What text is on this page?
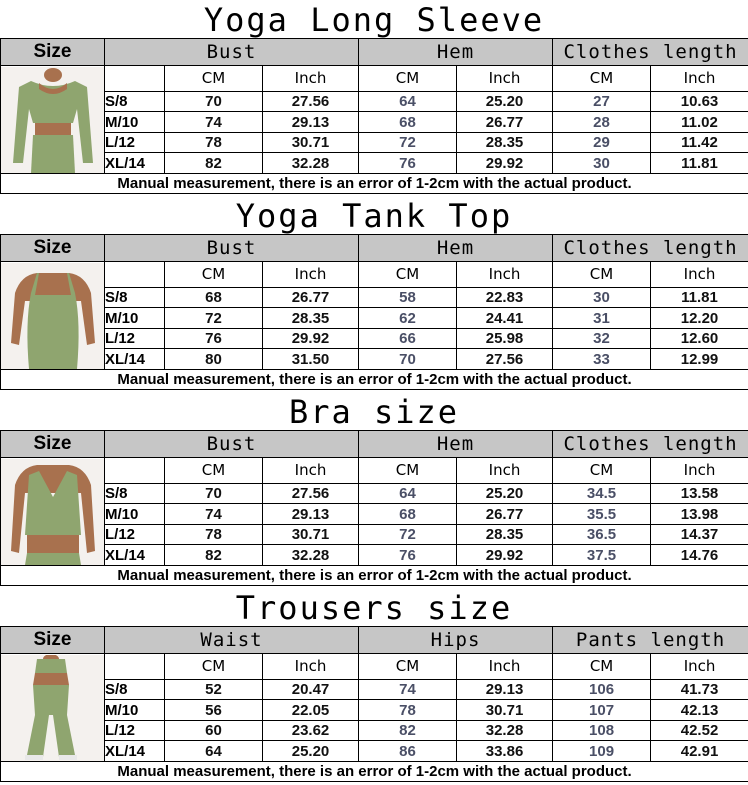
Yoga Long Sleeve
Size	Bust			Hem		Clothes length	

		CM	Inch	CM	Inch	CM	Inch
	S/8	70	27.56	64	25.20	27	10.63
	M/10	74	29.13	68	26.77	28	11.02
	L/12	78	30.71	72	28.35	29	11.42
	XL/14	82	32.28	76	29.92	30	11.81
Manual measurement, there is an error of 1-2cm with the actual product.							
Yoga Tank Top
Size	Bust			Hem		Clothes length	

		CM	Inch	CM	Inch	CM	Inch
	S/8	68	26.77	58	22.83	30	11.81
	M/10	72	28.35	62	24.41	31	12.20
	L/12	76	29.92	66	25.98	32	12.60
	XL/14	80	31.50	70	27.56	33	12.99
Manual measurement, there is an error of 1-2cm with the actual product.							
Bra size
Size	Bust			Hem		Clothes length	

		CM	Inch	CM	Inch	CM	Inch
	S/8	70	27.56	64	25.20	34.5	13.58
	M/10	74	29.13	68	26.77	35.5	13.98
	L/12	78	30.71	72	28.35	36.5	14.37
	XL/14	82	32.28	76	29.92	37.5	14.76
Manual measurement, there is an error of 1-2cm with the actual product.							
Trousers size
Size	Waist			Hips		Pants length	

		CM	Inch	CM	Inch	CM	Inch
	S/8	52	20.47	74	29.13	106	41.73
	M/10	56	22.05	78	30.71	107	42.13
	L/12	60	23.62	82	32.28	108	42.52
	XL/14	64	25.20	86	33.86	109	42.91
Manual measurement, there is an error of 1-2cm with the actual product.							
